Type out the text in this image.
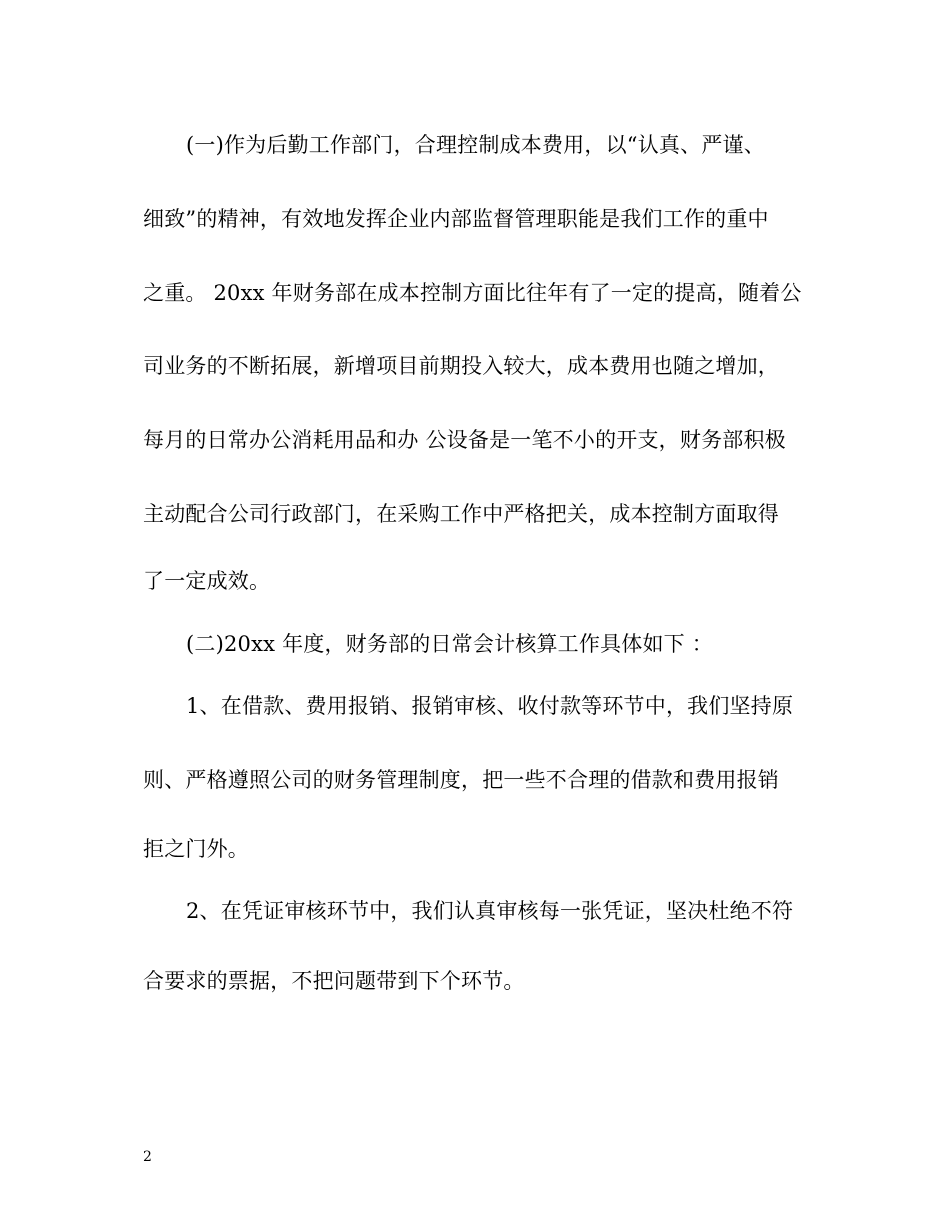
(一)作为后勤工作部门，合理控制成本费用，以“认真、严谨、
细致”的精神，有效地发挥企业内部监督管理职能是我们工作的重中
之重。 20xx 年财务部在成本控制方面比往年有了一定的提高，随着公
司业务的不断拓展，新增项目前期投入较大，成本费用也随之增加，
每月的日常办公消耗用品和办 公设备是一笔不小的开支，财务部积极
主动配合公司行政部门，在采购工作中严格把关，成本控制方面取得
了一定成效。
(二)20xx 年度，财务部的日常会计核算工作具体如下 ：
1、在借款、费用报销、报销审核、收付款等环节中，我们坚持原
则、严格遵照公司的财务管理制度，把一些不合理的借款和费用报销
拒之门外。
2、在凭证审核环节中，我们认真审核每一张凭证，坚决杜绝不符
合要求的票据，不把问题带到下个环节。
2
